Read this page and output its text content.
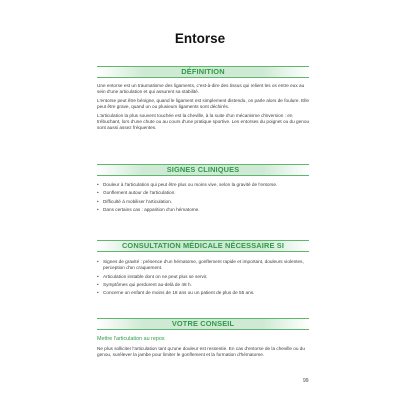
Entorse
DÉFINITION

Une entorse est un traumatisme des ligaments, c'est-à-dire des tissus qui relient les os entre eux au sein d'une articulation et qui assurent sa stabilité.

L'entorse peut être bénigne, quand le ligament est simplement distendu, on parle alors de foulure. Elle peut être grave, quand un ou plusieurs ligaments sont déchirés.

L'articulation la plus souvent touchée est la cheville, à la suite d'un mécanisme d'inversion : en trébuchant, lors d'une chute ou au cours d'une pratique sportive. Les entorses du poignet ou du genou sont aussi assez fréquentes.

SIGNES CLINIQUES
• Douleur à l'articulation qui peut être plus ou moins vive, selon la gravité de l'entorse.
• Gonflement autour de l'articulation.
• Difficulté à mobiliser l'articulation.
• Dans certains cas : apparition d'un hématome.
CONSULTATION MÉDICALE NÉCESSAIRE SI
• Signes de gravité : présence d'un hématome, gonflement rapide et important, douleurs violentes, perception d'un craquement.
• Articulation instable dont on ne peut plus se servir.
• Symptômes qui perdurent au-delà de 48 h.
• Concerne un enfant de moins de 18 ans ou un patient de plus de 55 ans.
VOTRE CONSEIL

Mettre l'articulation au repos

Ne plus solliciter l'articulation tant qu'une douleur est ressentie. En cas d'entorse de la cheville ou du genou, surélever la jambe pour limiter le gonflement et la formation d'hématome.

99
